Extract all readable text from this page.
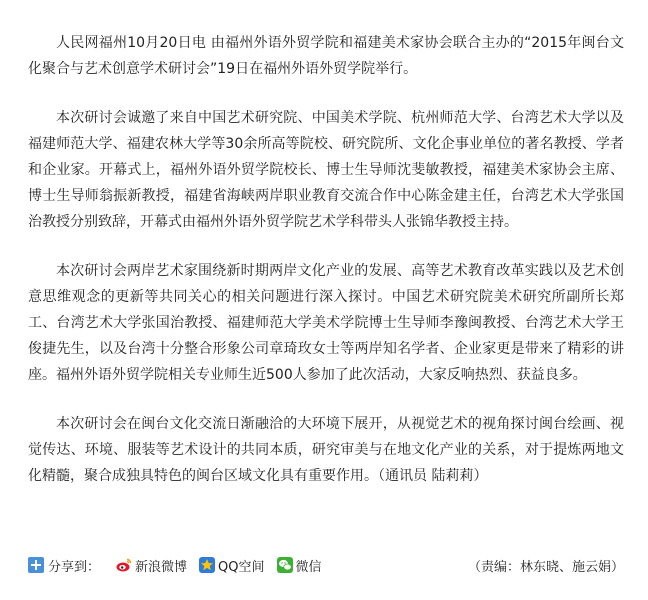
人民网福州10月20日电 由福州外语外贸学院和福建美术家协会联合主办的“2015年闽台文化聚合与艺术创意学术研讨会”19日在福州外语外贸学院举行。

本次研讨会诚邀了来自中国艺术研究院、中国美术学院、杭州师范大学、台湾艺术大学以及福建师范大学、福建农林大学等30余所高等院校、研究院所、文化企事业单位的著名教授、学者和企业家。开幕式上，福州外语外贸学院校长、博士生导师沈斐敏教授，福建美术家协会主席、博士生导师翁振新教授，福建省海峡两岸职业教育交流合作中心陈金建主任，台湾艺术大学张国治教授分别致辞，开幕式由福州外语外贸学院艺术学科带头人张锦华教授主持。

本次研讨会两岸艺术家围绕新时期两岸文化产业的发展、高等艺术教育改革实践以及艺术创意思维观念的更新等共同关心的相关问题进行深入探讨。中国艺术研究院美术研究所副所长郑工、台湾艺术大学张国治教授、福建师范大学美术学院博士生导师李豫闽教授、台湾艺术大学王俊捷先生，以及台湾十分整合形象公司章琦玫女士等两岸知名学者、企业家更是带来了精彩的讲座。福州外语外贸学院相关专业师生近500人参加了此次活动，大家反响热烈、获益良多。

本次研讨会在闽台文化交流日渐融洽的大环境下展开，从视觉艺术的视角探讨闽台绘画、视觉传达、环境、服装等艺术设计的共同本质，研究审美与在地文化产业的关系，对于提炼两地文化精髓，聚合成独具特色的闽台区域文化具有重要作用。（通讯员 陆莉莉）

分享到：	新浪微博 QQ空间 微信	（责编：林东晓、施云娟）
